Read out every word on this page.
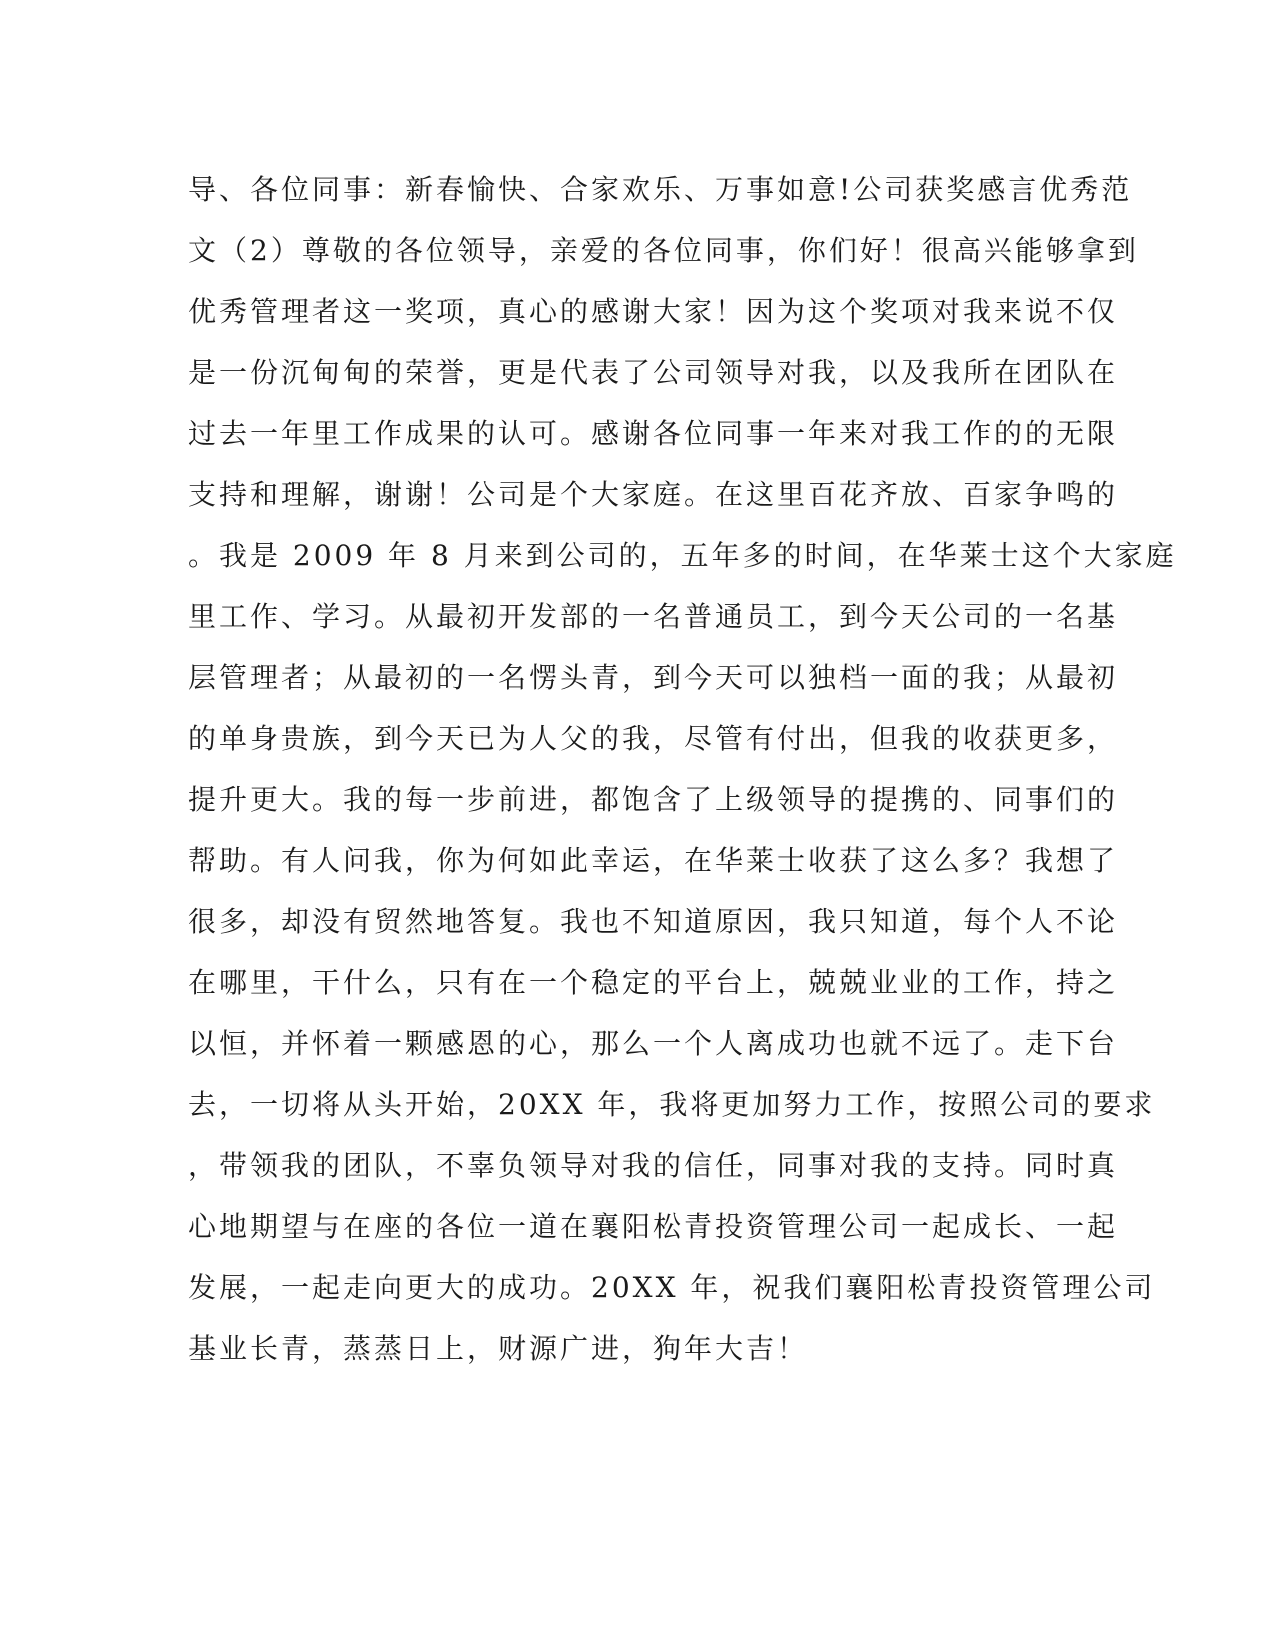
导、各位同事：新春愉快、合家欢乐、万事如意!公司获奖感言优秀范
文（2）尊敬的各位领导，亲爱的各位同事，你们好！很高兴能够拿到
优秀管理者这一奖项，真心的感谢大家！因为这个奖项对我来说不仅
是一份沉甸甸的荣誉，更是代表了公司领导对我，以及我所在团队在
过去一年里工作成果的认可。感谢各位同事一年来对我工作的的无限
支持和理解，谢谢！公司是个大家庭。在这里百花齐放、百家争鸣的
。我是 2009 年 8 月来到公司的，五年多的时间，在华莱士这个大家庭
里工作、学习。从最初开发部的一名普通员工，到今天公司的一名基
层管理者；从最初的一名愣头青，到今天可以独档一面的我；从最初
的单身贵族，到今天已为人父的我，尽管有付出，但我的收获更多，
提升更大。我的每一步前进，都饱含了上级领导的提携的、同事们的
帮助。有人问我，你为何如此幸运，在华莱士收获了这么多？我想了
很多，却没有贸然地答复。我也不知道原因，我只知道，每个人不论
在哪里，干什么，只有在一个稳定的平台上，兢兢业业的工作，持之
以恒，并怀着一颗感恩的心，那么一个人离成功也就不远了。走下台
去，一切将从头开始，20XX 年，我将更加努力工作，按照公司的要求
，带领我的团队，不辜负领导对我的信任，同事对我的支持。同时真
心地期望与在座的各位一道在襄阳松青投资管理公司一起成长、一起
发展，一起走向更大的成功。20XX 年，祝我们襄阳松青投资管理公司
基业长青，蒸蒸日上，财源广进，狗年大吉！
